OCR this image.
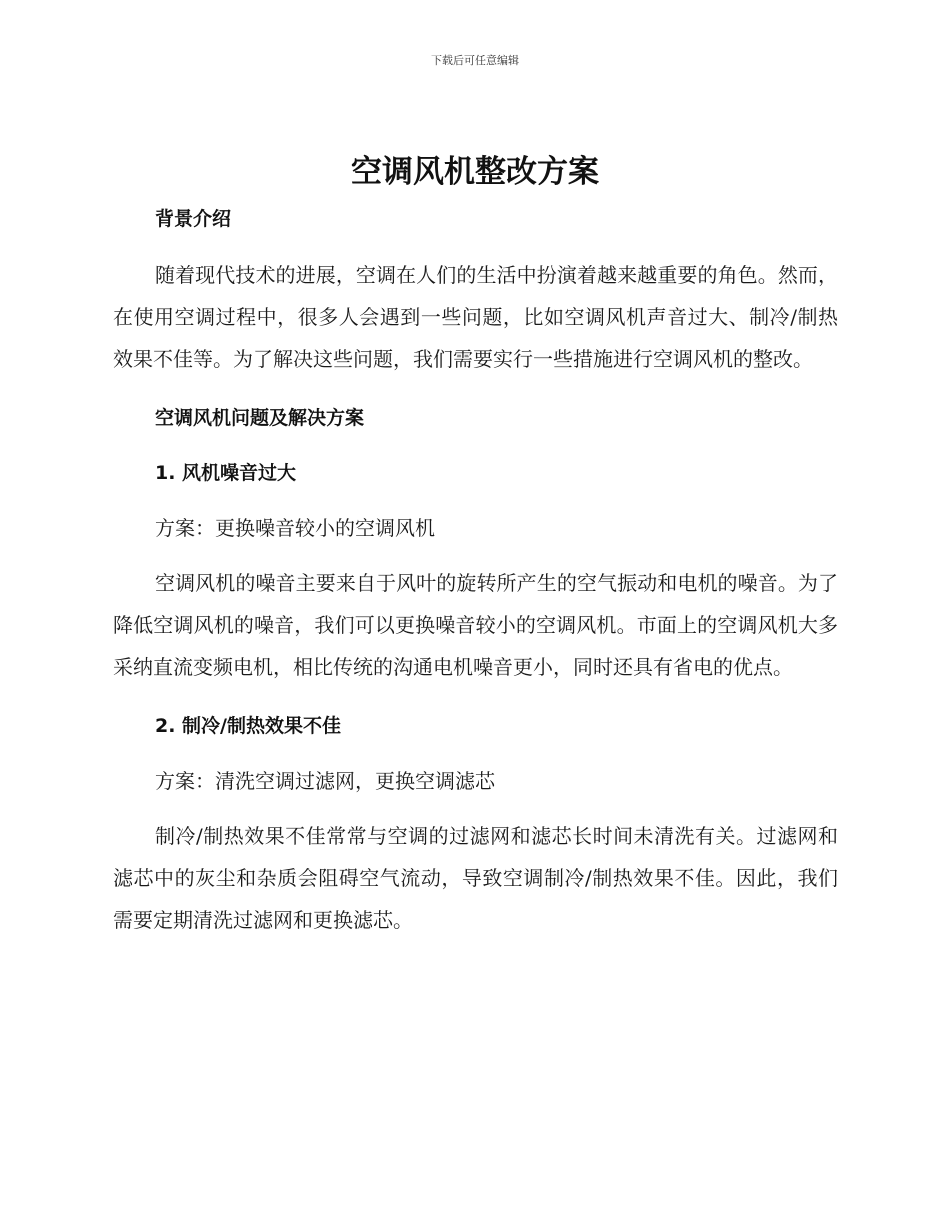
下载后可任意编辑
空调风机整改方案
背景介绍
随着现代技术的进展，空调在人们的生活中扮演着越来越重要的角色。然而，在使用空调过程中，很多人会遇到一些问题，比如空调风机声音过大、制冷/制热效果不佳等。为了解决这些问题，我们需要实行一些措施进行空调风机的整改。
空调风机问题及解决方案
1. 风机噪音过大
方案：更换噪音较小的空调风机
空调风机的噪音主要来自于风叶的旋转所产生的空气振动和电机的噪音。为了降低空调风机的噪音，我们可以更换噪音较小的空调风机。市面上的空调风机大多采纳直流变频电机，相比传统的沟通电机噪音更小，同时还具有省电的优点。
2. 制冷/制热效果不佳
方案：清洗空调过滤网，更换空调滤芯
制冷/制热效果不佳常常与空调的过滤网和滤芯长时间未清洗有关。过滤网和滤芯中的灰尘和杂质会阻碍空气流动，导致空调制冷/制热效果不佳。因此，我们需要定期清洗过滤网和更换滤芯。
